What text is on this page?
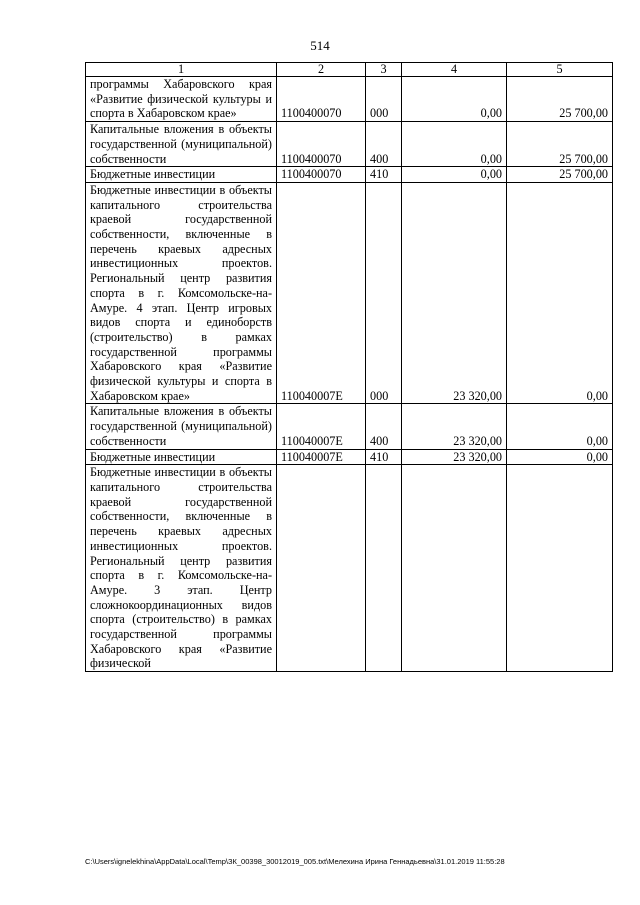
514
1	2	3	4	5
программы Хабаровского края «Развитие физической культуры и спорта в Хабаровском крае»	1100400070	000	0,00	25 700,00
Капитальные вложения в объекты государственной (муниципальной) собственности	1100400070	400	0,00	25 700,00
Бюджетные инвестиции	1100400070	410	0,00	25 700,00
Бюджетные инвестиции в объекты капитального строительства краевой государственной собственности, включенные в перечень краевых адресных инвестиционных проектов. Региональный центр развития спорта в г. Комсомольске-на-Амуре. 4 этап. Центр игровых видов спорта и единоборств (строительство) в рамках государственной программы Хабаровского края «Развитие физической культуры и спорта в Хабаровском крае»	110040007Е	000	23 320,00	0,00
Капитальные вложения в объекты государственной (муниципальной) собственности	110040007Е	400	23 320,00	0,00
Бюджетные инвестиции	110040007Е	410	23 320,00	0,00
Бюджетные инвестиции в объекты капитального строительства краевой государственной собственности, включенные в перечень краевых адресных инвестиционных проектов. Региональный центр развития спорта в г. Комсомольске-на-Амуре. 3 этап. Центр сложнокоординационных видов спорта (строительство) в рамках государственной программы Хабаровского края «Развитие физической				
C:\Users\ignelekhina\AppData\Local\Temp\ЗК_00398_30012019_005.txt\Мелехина Ирина Геннадьевна\31.01.2019 11:55:28
